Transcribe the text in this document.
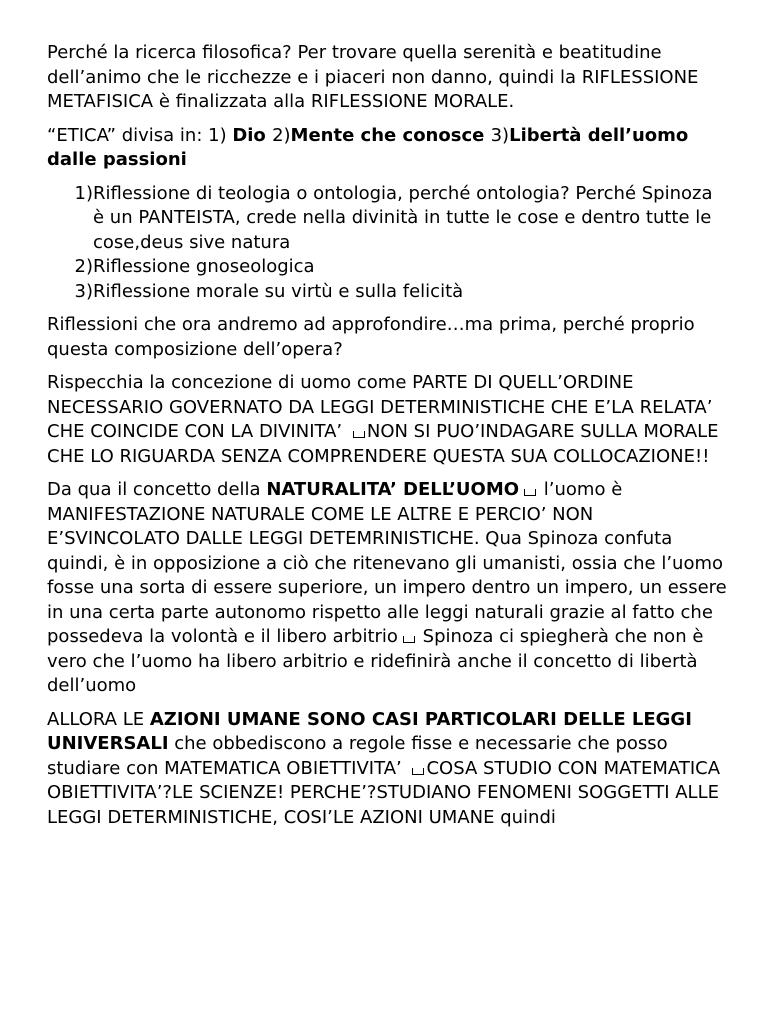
Perché la ricerca filosofica? Per trovare quella serenità e beatitudine dell’animo che le ricchezze e i piaceri non danno, quindi la RIFLESSIONE METAFISICA è finalizzata alla RIFLESSIONE MORALE.

“ETICA” divisa in: 1) Dio 2)Mente che conosce 3)Libertà dell’uomo dalle passioni

1) Riflessione di teologia o ontologia, perché ontologia? Perché Spinoza è un PANTEISTA, crede nella divinità in tutte le cose e dentro tutte le cose,deus sive natura
2) Riflessione gnoseologica
3) Riflessione morale su virtù e sulla felicità

Riflessioni che ora andremo ad approfondire…ma prima, perché proprio questa composizione dell’opera?

Rispecchia la concezione di uomo come PARTE DI QUELL’ORDINE NECESSARIO GOVERNATO DA LEGGI DETERMINISTICHE CHE E’LA RELATA’ CHE COINCIDE CON LA DIVINITA’ NON SI PUO’INDAGARE SULLA MORALE CHE LO RIGUARDA SENZA COMPRENDERE QUESTA SUA COLLOCAZIONE!!

Da qua il concetto della NATURALITA’ DELL’UOMO l’uomo è MANIFESTAZIONE NATURALE COME LE ALTRE E PERCIO’ NON E’SVINCOLATO DALLE LEGGI DETEMRINISTICHE. Qua Spinoza confuta quindi, è in opposizione a ciò che ritenevano gli umanisti, ossia che l’uomo fosse una sorta di essere superiore, un impero dentro un impero, un essere in una certa parte autonomo rispetto alle leggi naturali grazie al fatto che possedeva la volontà e il libero arbitrio Spinoza ci spiegherà che non è vero che l’uomo ha libero arbitrio e ridefinirà anche il concetto di libertà dell’uomo

ALLORA LE AZIONI UMANE SONO CASI PARTICOLARI DELLE LEGGI UNIVERSALI che obbediscono a regole fisse e necessarie che posso studiare con MATEMATICA OBIETTIVITA’ COSA STUDIO CON MATEMATICA OBIETTIVITA’?LE SCIENZE! PERCHE’?STUDIANO FENOMENI SOGGETTI ALLE LEGGI DETERMINISTICHE, COSI’LE AZIONI UMANE quindi
